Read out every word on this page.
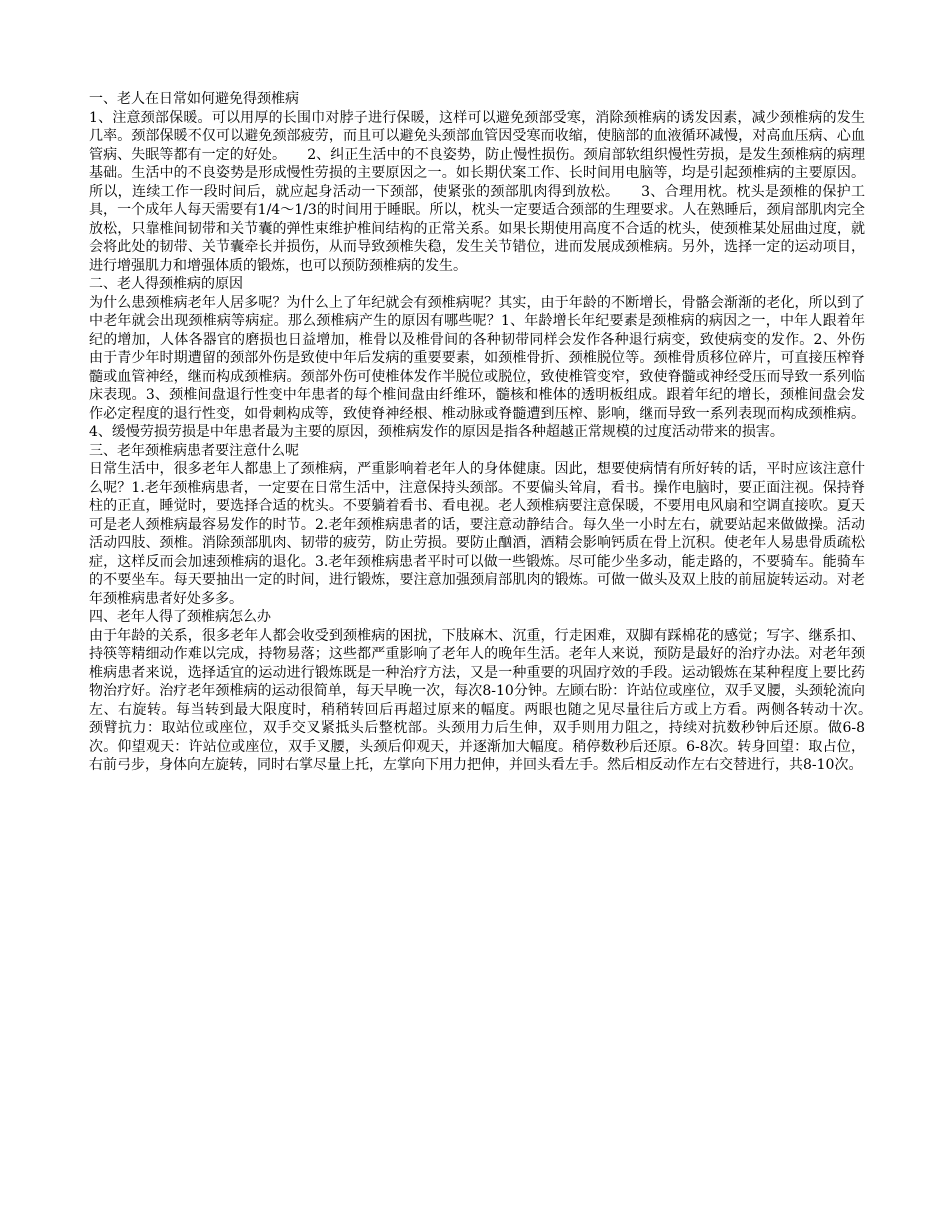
一、老人在日常如何避免得颈椎病
1、注意颈部保暖。可以用厚的长围巾对脖子进行保暖，这样可以避免颈部受寒，消除颈椎病的诱发因素，减少颈椎病的发生几率。颈部保暖不仅可以避免颈部疲劳，而且可以避免头颈部血管因受寒而收缩，使脑部的血液循环减慢，对高血压病、心血管病、失眠等都有一定的好处。　　2、纠正生活中的不良姿势，防止慢性损伤。颈肩部软组织慢性劳损，是发生颈椎病的病理基础。生活中的不良姿势是形成慢性劳损的主要原因之一。如长期伏案工作、长时间用电脑等，均是引起颈椎病的主要原因。所以，连续工作一段时间后，就应起身活动一下颈部，使紧张的颈部肌肉得到放松。　　3、合理用枕。枕头是颈椎的保护工具，一个成年人每天需要有1/4～1/3的时间用于睡眠。所以，枕头一定要适合颈部的生理要求。人在熟睡后，颈肩部肌肉完全放松，只靠椎间韧带和关节囊的弹性束维护椎间结构的正常关系。如果长期使用高度不合适的枕头，使颈椎某处屈曲过度，就会将此处的韧带、关节囊牵长并损伤，从而导致颈椎失稳，发生关节错位，进而发展成颈椎病。另外，选择一定的运动项目，进行增强肌力和增强体质的锻炼，也可以预防颈椎病的发生。
二、老人得颈椎病的原因
为什么患颈椎病老年人居多呢？为什么上了年纪就会有颈椎病呢？其实，由于年龄的不断增长，骨骼会渐渐的老化，所以到了中老年就会出现颈椎病等病症。那么颈椎病产生的原因有哪些呢？1、年龄增长年纪要素是颈椎病的病因之一，中年人跟着年纪的增加，人体各器官的磨损也日益增加，椎骨以及椎骨间的各种韧带同样会发作各种退行病变，致使病变的发作。2、外伤由于青少年时期遭留的颈部外伤是致使中年后发病的重要要素，如颈椎骨折、颈椎脱位等。颈椎骨质移位碎片，可直接压榨脊髓或血管神经，继而构成颈椎病。颈部外伤可使椎体发作半脱位或脱位，致使椎管变窄，致使脊髓或神经受压而导致一系列临床表现。3、颈椎间盘退行性变中年患者的每个椎间盘由纤维环，髓核和椎体的透明板组成。跟着年纪的增长，颈椎间盘会发作必定程度的退行性变，如骨刺构成等，致使脊神经根、椎动脉或脊髓遭到压榨、影响，继而导致一系列表现而构成颈椎病。4、缓慢劳损劳损是中年患者最为主要的原因，颈椎病发作的原因是指各种超越正常规模的过度活动带来的损害。
三、老年颈椎病患者要注意什么呢
日常生活中，很多老年人都患上了颈椎病，严重影响着老年人的身体健康。因此，想要使病情有所好转的话，平时应该注意什么呢？1.老年颈椎病患者，一定要在日常生活中，注意保持头颈部。不要偏头耸肩，看书。操作电脑时，要正面注视。保持脊柱的正直，睡觉时，要选择合适的枕头。不要躺着看书、看电视。老人颈椎病要注意保暖，不要用电风扇和空调直接吹。夏天可是老人颈椎病最容易发作的时节。2.老年颈椎病患者的话，要注意动静结合。每久坐一小时左右，就要站起来做做操。活动活动四肢、颈椎。消除颈部肌肉、韧带的疲劳，防止劳损。要防止酗酒，酒精会影响钙质在骨上沉积。使老年人易患骨质疏松症，这样反而会加速颈椎病的退化。3.老年颈椎病患者平时可以做一些锻炼。尽可能少坐多动，能走路的，不要骑车。能骑车的不要坐车。每天要抽出一定的时间，进行锻炼，要注意加强颈肩部肌肉的锻炼。可做一做头及双上肢的前屈旋转运动。对老年颈椎病患者好处多多。
四、老年人得了颈椎病怎么办
由于年龄的关系，很多老年人都会收受到颈椎病的困扰，下肢麻木、沉重，行走困难，双脚有踩棉花的感觉；写字、继系扣、持筷等精细动作难以完成，持物易落；这些都严重影响了老年人的晚年生活。老年人来说，预防是最好的治疗办法。对老年颈椎病患者来说，选择适宜的运动进行锻炼既是一种治疗方法，又是一种重要的巩固疗效的手段。运动锻炼在某种程度上要比药物治疗好。治疗老年颈椎病的运动很简单，每天早晚一次，每次8-10分钟。左顾右盼：许站位或座位，双手叉腰，头颈轮流向左、右旋转。每当转到最大限度时，稍稍转回后再超过原来的幅度。两眼也随之见尽量往后方或上方看。两侧各转动十次。　　颈臂抗力：取站位或座位，双手交叉紧抵头后整枕部。头颈用力后生伸，双手则用力阻之，持续对抗数秒钟后还原。做6-8次。仰望观天：许站位或座位，双手叉腰，头颈后仰观天，并逐渐加大幅度。稍停数秒后还原。6-8次。转身回望：取占位，右前弓步，身体向左旋转，同时右掌尽量上托，左掌向下用力把伸，并回头看左手。然后相反动作左右交替进行，共8-10次。
